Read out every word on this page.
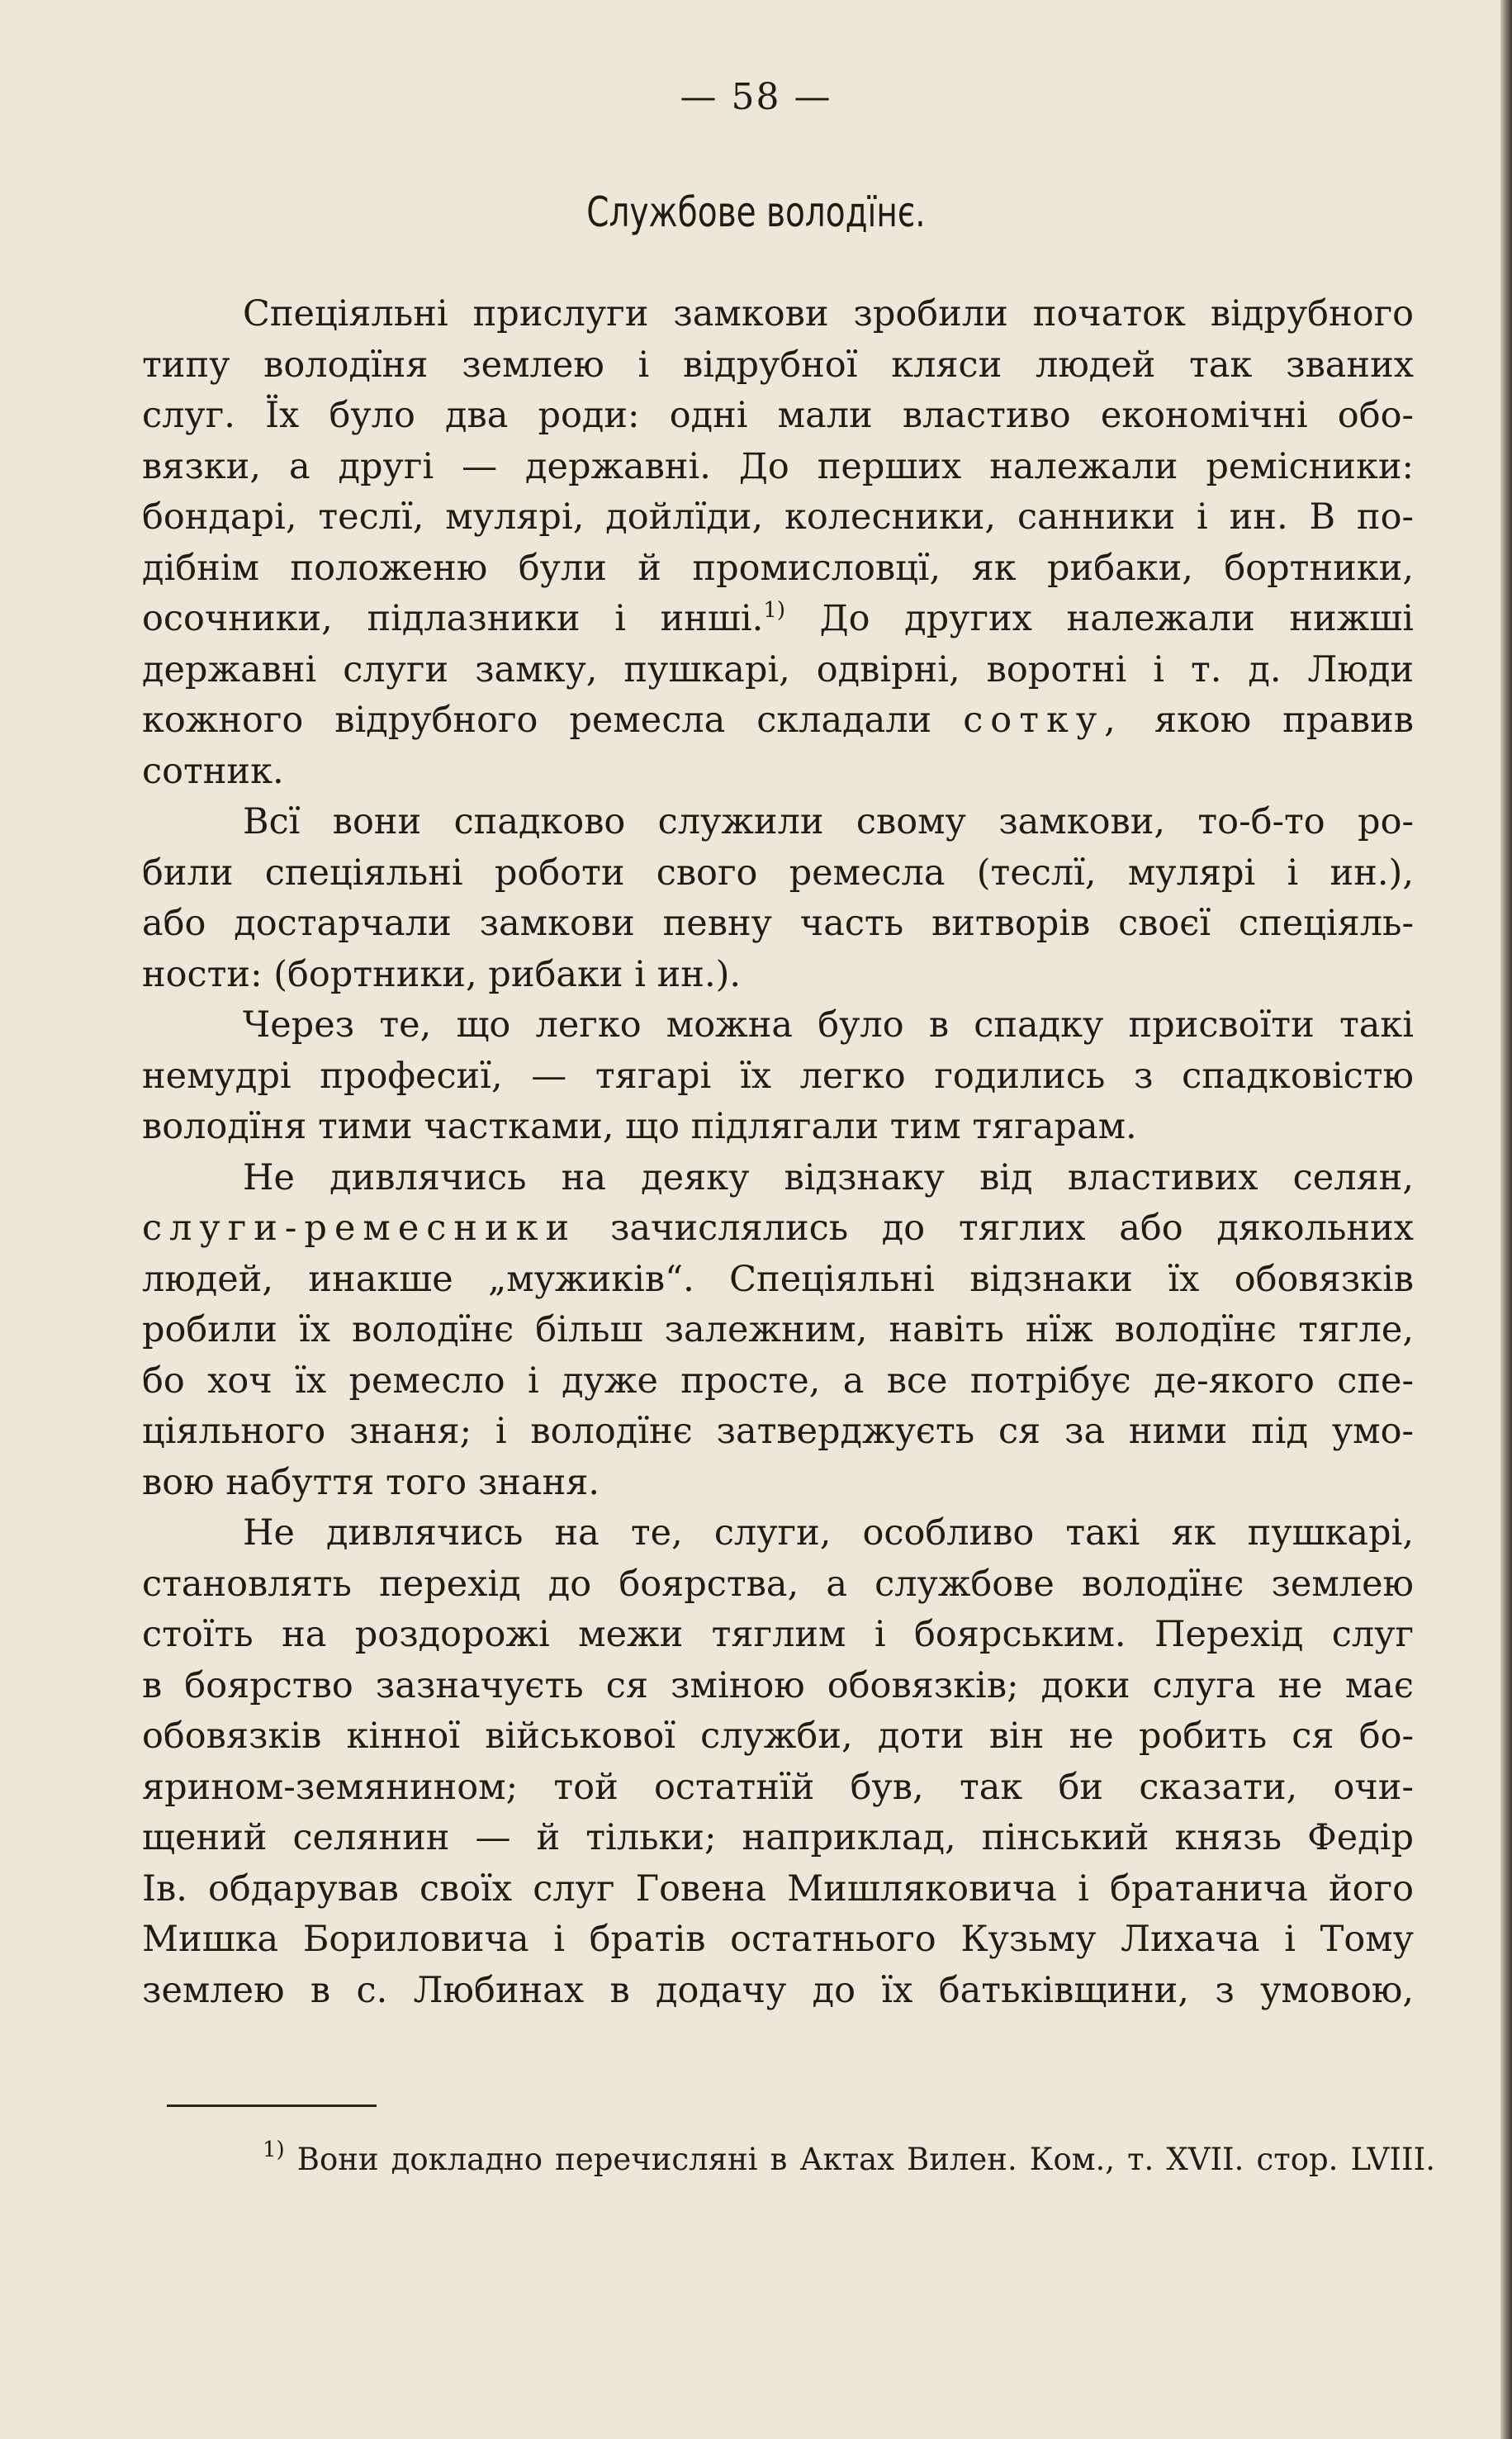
— 58 —
Службове володїнє.
Спеціяльні прислуги замкови зробили початок відрубного
типу володїня землею і відрубної кляси людей так званих
слуг. Їх було два роди: одні мали властиво економічні обо-
вязки, а другі — державні. До перших належали ремісники:
бондарі, теслї, мулярі, дойлїди, колесники, санники і ин. В по-
дібнім положеню були й промисловцї, як рибаки, бортники,
осочники, підлазники і инші.$^{1)}$ До других належали нижші
державні слуги замку, пушкарі, одвірні, воротні і т. д. Люди
кожного відрубного ремесла складали сотку, якою правив
сотник.
Всї вони спадково служили свому замкови, то-б-то ро-
били спеціяльні роботи свого ремесла (теслї, мулярі і ин.),
або достарчали замкови певну часть витворів своєї спеціяль-
ности: (бортники, рибаки і ин.).
Через те, що легко можна було в спадку присвоїти такі
немудрі професиї, — тягарі їх легко годились з спадковістю
володїня тими частками, що підлягали тим тягарам.
Не дивлячись на деяку відзнаку від властивих селян,
слуги-ремесники зачислялись до тяглих або дякольних
людей, инакше „мужиків“. Спеціяльні відзнаки їх обовязків
робили їх володїнє більш залежним, навіть нїж володїнє тягле,
бо хоч їх ремесло і дуже просте, а все потрібує де-якого спе-
ціяльного знаня; і володїнє затверджуєть ся за ними під умо-
вою набуття того знаня.
Не дивлячись на те, слуги, особливо такі як пушкарі,
становлять перехід до боярства, а службове володїнє землею
стоїть на роздорожі межи тяглим і боярським. Перехід слуг
в боярство зазначуєть ся зміною обовязків; доки слуга не має
обовязків кінної військової служби, доти він не робить ся бо-
ярином-земянином; той остатнїй був, так би сказати, очи-
щений селянин — й тільки; наприклад, пінський князь Федір
Ів. обдарував своїх слуг Говена Мишляковича і братанича його
Мишка Бориловича і братів остатнього Кузьму Лихача і Тому
землею в с. Любинах в додачу до їх батьківщини, з умовою,
$^{1)}$ Вони докладно перечисляні в Актах Вилен. Ком., т. XVII. стор. LVIII.
